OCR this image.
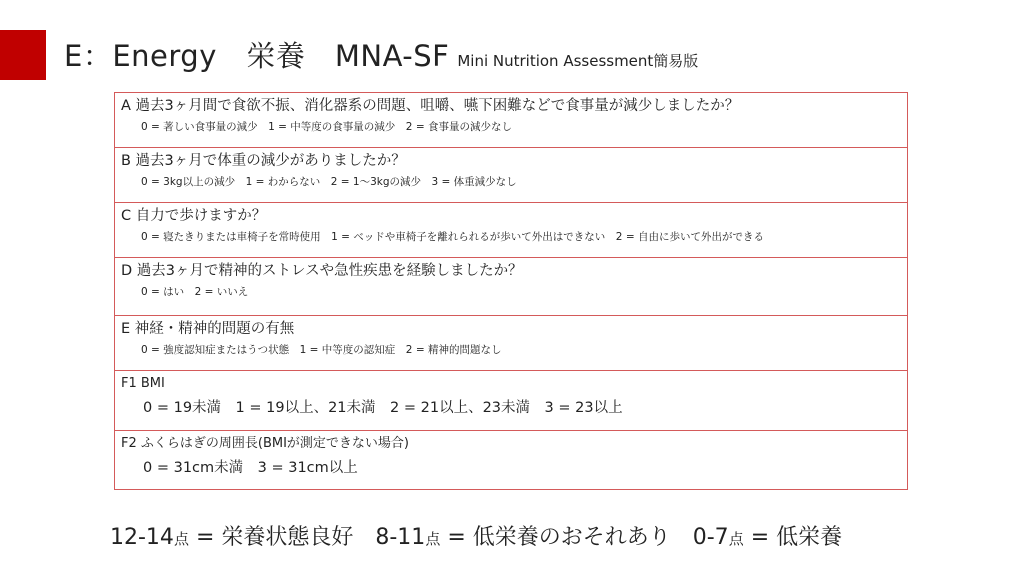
E：Energy　栄養　MNA-SF Mini Nutrition Assessment簡易版
A 過去3ヶ月間で食欲不振、消化器系の問題、咀嚼、嚥下困難などで食事量が減少しましたか？
0 = 著しい食事量の減少　1 = 中等度の食事量の減少　2 = 食事量の減少なし
B 過去3ヶ月で体重の減少がありましたか？
0 = 3kg以上の減少　1 = わからない　2 = 1～3kgの減少　3 = 体重減少なし
C 自力で歩けますか？
0 = 寝たきりまたは車椅子を常時使用　1 = ベッドや車椅子を離れられるが歩いて外出はできない　2 = 自由に歩いて外出ができる
D 過去3ヶ月で精神的ストレスや急性疾患を経験しましたか？
0 = はい　2 = いいえ
E 神経・精神的問題の有無
0 = 強度認知症またはうつ状態　1 = 中等度の認知症　2 = 精神的問題なし
F1 BMI
0 = 19未満　1 = 19以上、21未満　2 = 21以上、23未満　3 = 23以上
F2 ふくらはぎの周囲長(BMIが測定できない場合)
0 = 31cm未満　3 = 31cm以上
12-14点 = 栄養状態良好　8-11点 = 低栄養のおそれあり　0-7点 = 低栄養
